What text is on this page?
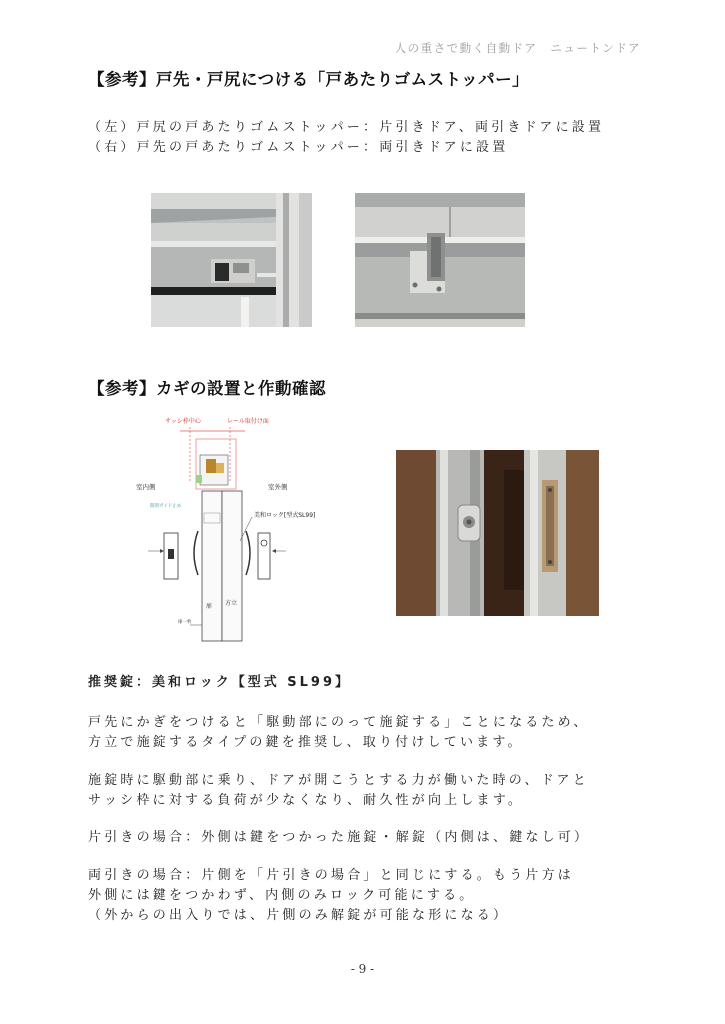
人の重さで動く自動ドア　ニュートンドア
【参考】戸先・戸尻につける「戸あたりゴムストッパー」
（左）戸尻の戸あたりゴムストッパー：片引きドア、両引きドアに設置
（右）戸先の戸あたりゴムストッパー：両引きドアに設置
【参考】カギの設置と作動確認
サッシ枠中心	レール取付け面
室内側	室外側
開閉ガイド止め
美和ロック[型式SL99]
扉 方立
扉一枚
推奨錠：美和ロック【型式 SL99】
戸先にかぎをつけると「駆動部にのって施錠する」ことになるため、
方立で施錠するタイプの鍵を推奨し、取り付けしています。
施錠時に駆動部に乗り、ドアが開こうとする力が働いた時の、ドアと
サッシ枠に対する負荷が少なくなり、耐久性が向上します。
片引きの場合：外側は鍵をつかった施錠・解錠（内側は、鍵なし可）
両引きの場合：片側を「片引きの場合」と同じにする。もう片方は
外側には鍵をつかわず、内側のみロック可能にする。
（外からの出入りでは、片側のみ解錠が可能な形になる）
- 9 -
